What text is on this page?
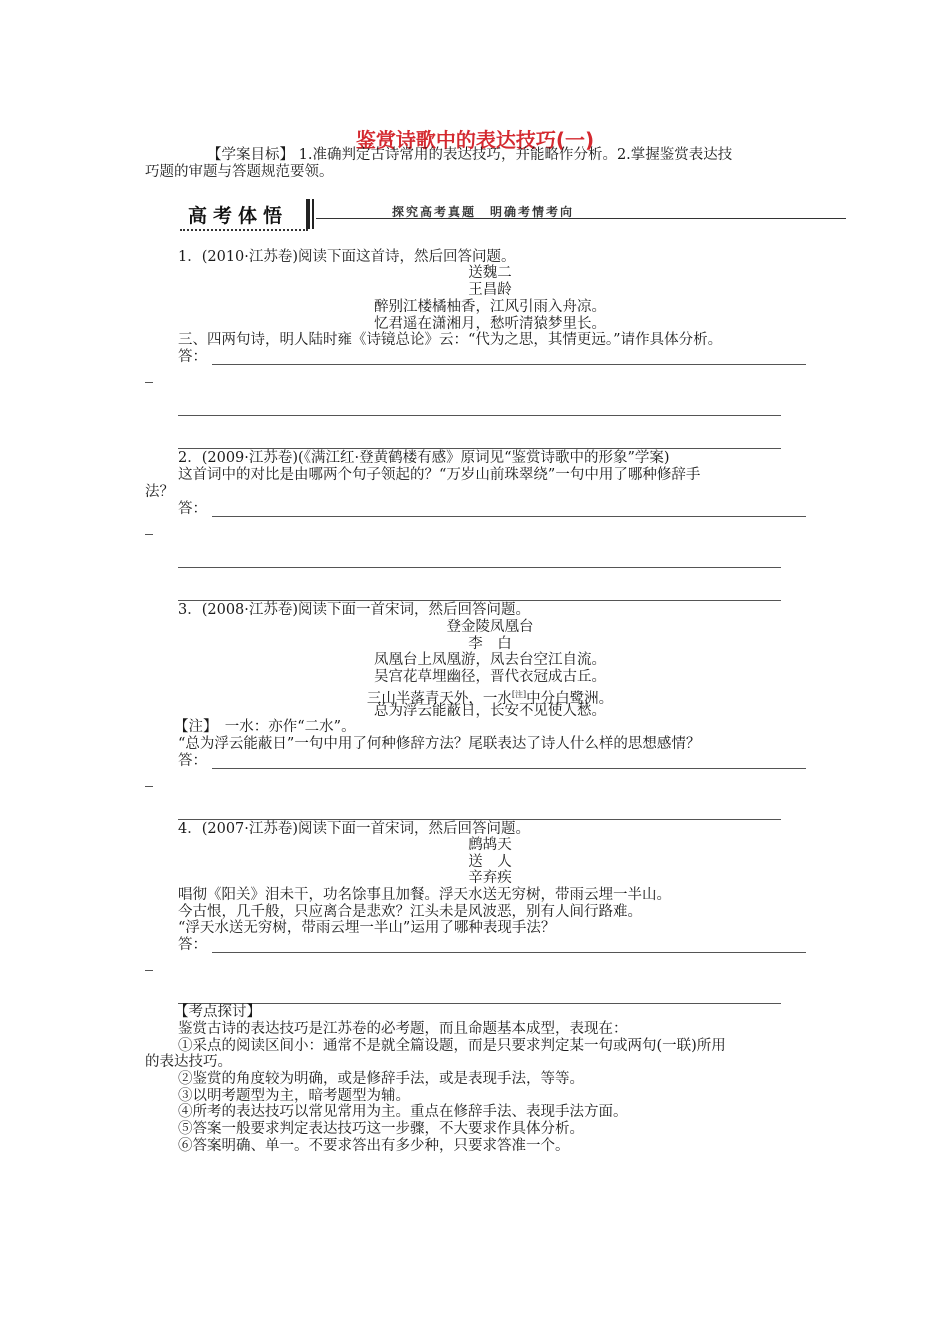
鉴赏诗歌中的表达技巧(一)
【学案目标】 1.准确判定古诗常用的表达技巧，并能略作分析。2.掌握鉴赏表达技
巧题的审题与答题规范要领。
高考体悟	探究高考真题　明确考情考向
1．(2010·江苏卷)阅读下面这首诗，然后回答问题。
送魏二
王昌龄
醉别江楼橘柚香，江风引雨入舟凉。
忆君遥在潇湘月，愁听清猿梦里长。
三、四两句诗，明人陆时雍《诗镜总论》云：“代为之思，其情更远。”请作具体分析。
答：
2．(2009·江苏卷)(《满江红·登黄鹤楼有感》原词见“鉴赏诗歌中的形象”学案)
这首词中的对比是由哪两个句子领起的？“万岁山前珠翠绕”一句中用了哪种修辞手
法？
答：
3．(2008·江苏卷)阅读下面一首宋词，然后回答问题。
登金陵凤凰台
李　白
凤凰台上凤凰游，凤去台空江自流。
吴宫花草埋幽径，晋代衣冠成古丘。
三山半落青天外，一水[注]中分白鹭洲。
总为浮云能蔽日，长安不见使人愁。
【注】　一水：亦作“二水”。
“总为浮云能蔽日”一句中用了何种修辞方法？尾联表达了诗人什么样的思想感情？
答：
4．(2007·江苏卷)阅读下面一首宋词，然后回答问题。
鹧鸪天
送　人
辛弃疾
唱彻《阳关》泪未干，功名馀事且加餐。浮天水送无穷树，带雨云埋一半山。
今古恨，几千般，只应离合是悲欢？江头未是风波恶，别有人间行路难。
“浮天水送无穷树，带雨云埋一半山”运用了哪种表现手法？
答：
【考点探讨】
鉴赏古诗的表达技巧是江苏卷的必考题，而且命题基本成型，表现在：
①采点的阅读区间小：通常不是就全篇设题，而是只要求判定某一句或两句(一联)所用
的表达技巧。
②鉴赏的角度较为明确，或是修辞手法，或是表现手法，等等。
③以明考题型为主，暗考题型为辅。
④所考的表达技巧以常见常用为主。重点在修辞手法、表现手法方面。
⑤答案一般要求判定表达技巧这一步骤，不大要求作具体分析。
⑥答案明确、单一。不要求答出有多少种，只要求答准一个。
